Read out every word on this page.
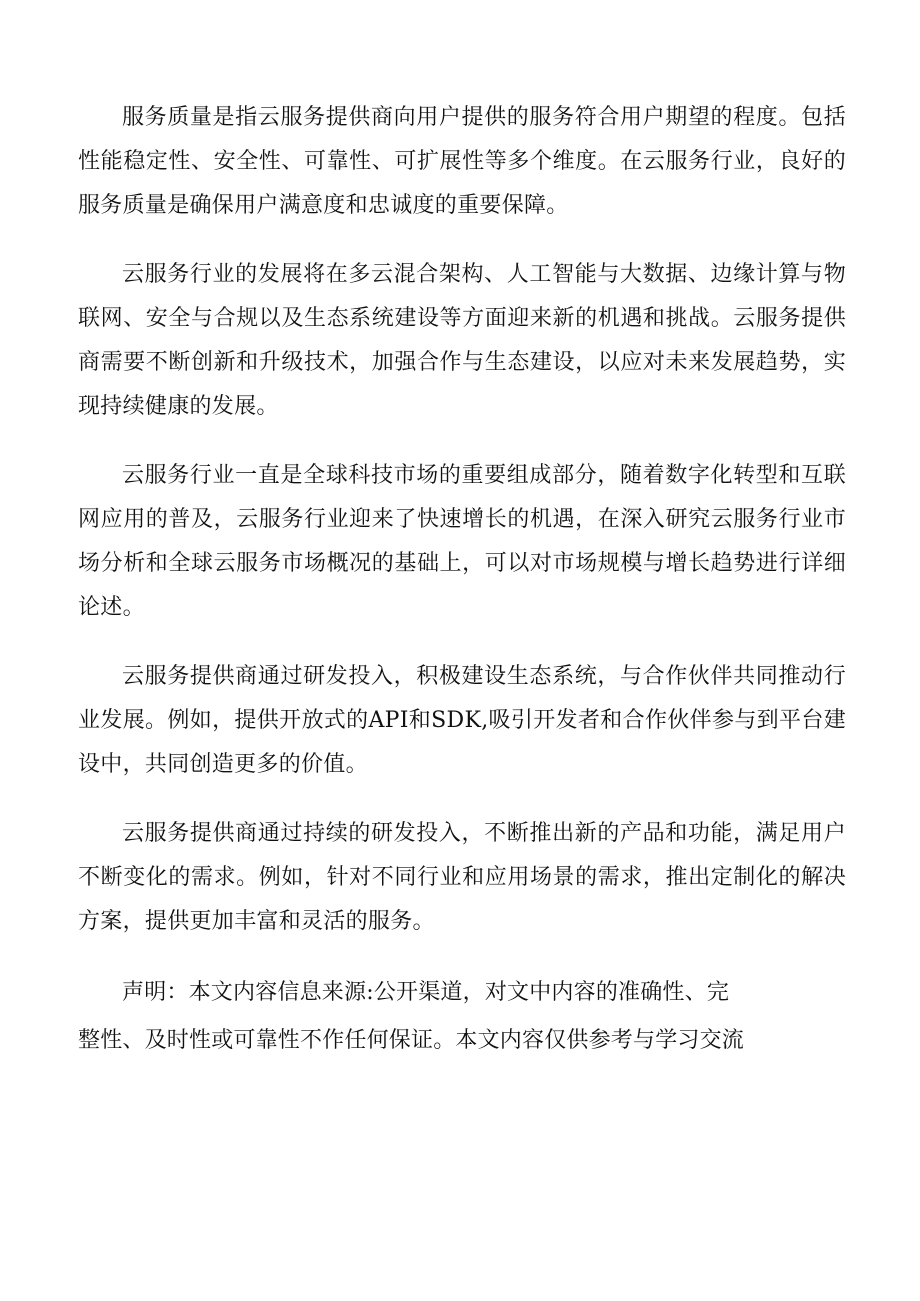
服务质量是指云服务提供商向用户提供的服务符合用户期望的程度。包括性能稳定性、安全性、可靠性、可扩展性等多个维度。在云服务行业，良好的服务质量是确保用户满意度和忠诚度的重要保障。

云服务行业的发展将在多云混合架构、人工智能与大数据、边缘计算与物联网、安全与合规以及生态系统建设等方面迎来新的机遇和挑战。云服务提供商需要不断创新和升级技术，加强合作与生态建设，以应对未来发展趋势，实现持续健康的发展。

云服务行业一直是全球科技市场的重要组成部分，随着数字化转型和互联网应用的普及，云服务行业迎来了快速增长的机遇，在深入研究云服务行业市场分析和全球云服务市场概况的基础上，可以对市场规模与增长趋势进行详细论述。

云服务提供商通过研发投入，积极建设生态系统，与合作伙伴共同推动行业发展。例如，提供开放式的API和SDK,吸引开发者和合作伙伴参与到平台建设中，共同创造更多的价值。

云服务提供商通过持续的研发投入，不断推出新的产品和功能，满足用户不断变化的需求。例如，针对不同行业和应用场景的需求，推出定制化的解决方案，提供更加丰富和灵活的服务。

声明：本文内容信息来源:公开渠道，对文中内容的准确性、完
整性、及时性或可靠性不作任何保证。本文内容仅供参考与学习交流
